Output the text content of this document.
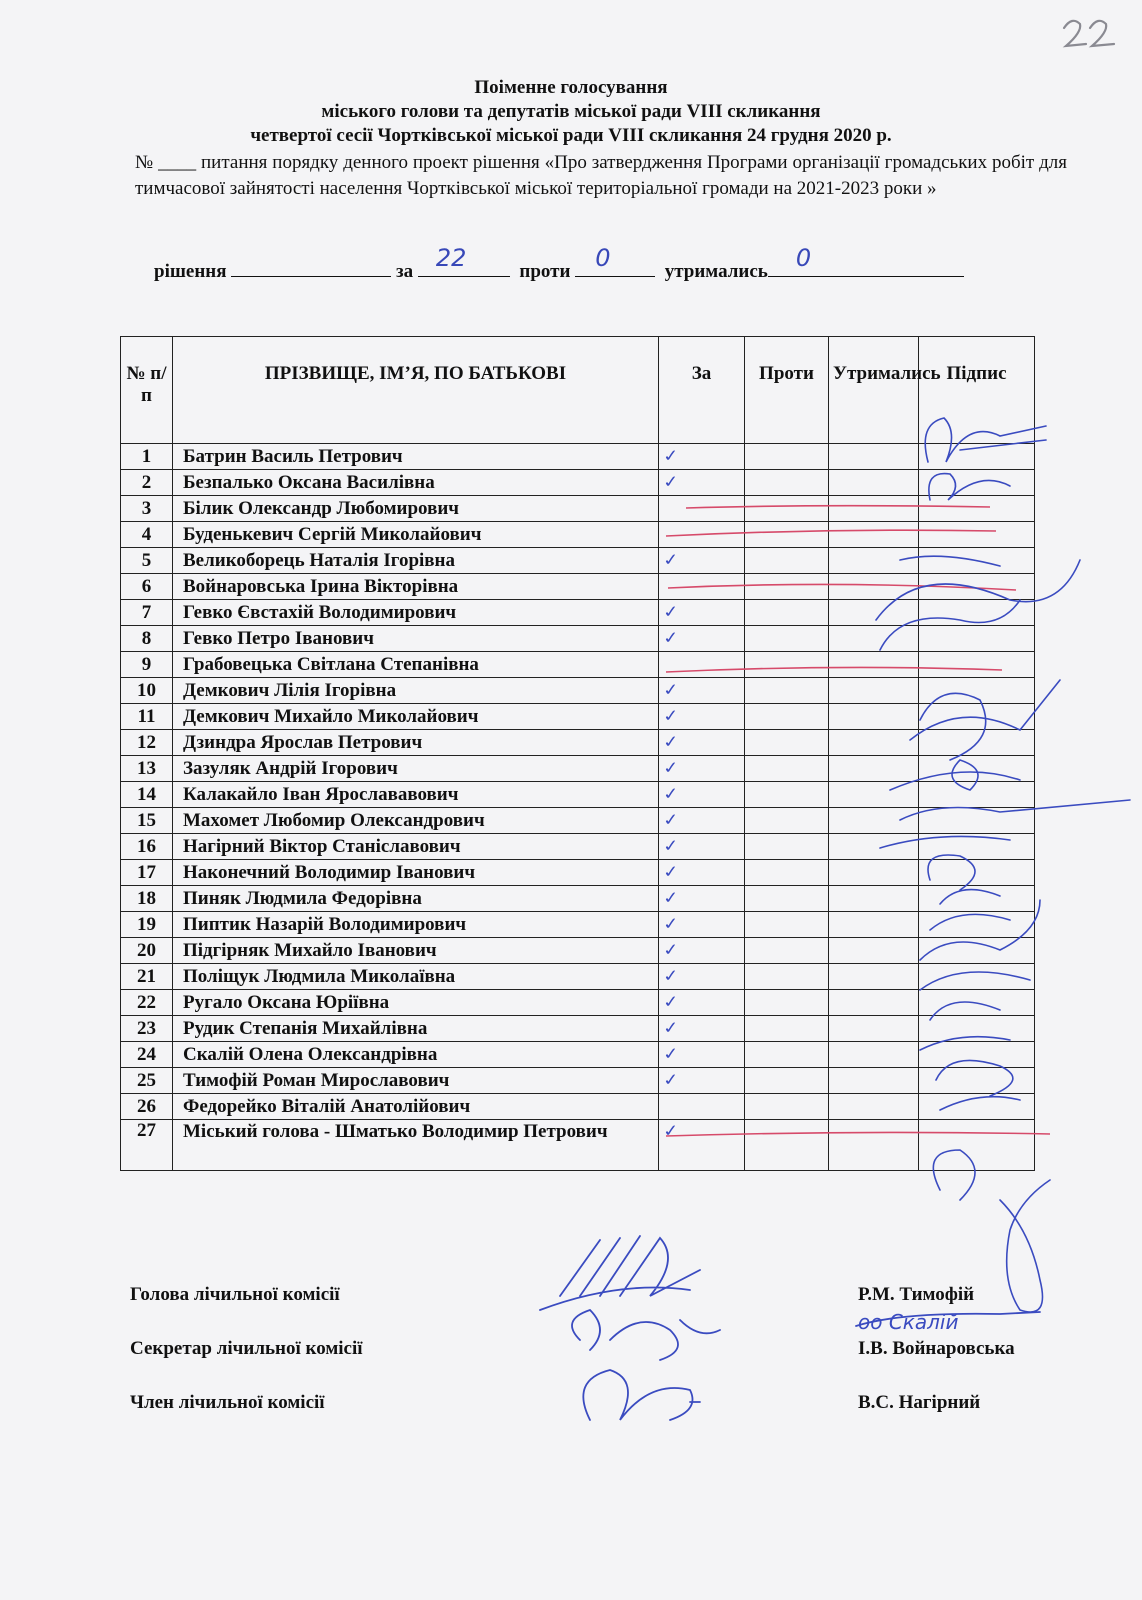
22
Поіменне голосування
міського голови та депутатів міської ради VIII скликання
четвертої сесії Чортківської міської ради VIII скликання 24 грудня 2020 р.
№ ____ питання порядку денного проект рішення «Про затвердження Програми організації громадських робіт для тимчасової зайнятості населення Чортківської міської територіальної громади на 2021-2023 роки »
рішення	за 22	проти 0	утримались 0
№ п/п	ПРІЗВИЩЕ, ІМ’Я, ПО БАТЬКОВІ	За	Проти	Утримались	Підпис
1	Батрин Василь Петрович	✓			
2	Безпалько Оксана Василівна	✓			
3	Білик Олександр Любомирович				
4	Буденькевич Сергій Миколайович				
5	Великоборець Наталія Ігорівна	✓			
6	Войнаровська Ірина Вікторівна				
7	Гевко Євстахій Володимирович	✓			
8	Гевко Петро Іванович	✓			
9	Грабовецька Світлана Степанівна				
10	Демкович Лілія Ігорівна	✓			
11	Демкович Михайло Миколайович	✓			
12	Дзиндра Ярослав Петрович	✓			
13	Зазуляк Андрій Ігорович	✓			
14	Калакайло Іван Ярослававович	✓			
15	Махомет Любомир Олександрович	✓			
16	Нагірний Віктор Станіславович	✓			
17	Наконечний Володимир Іванович	✓			
18	Пиняк Людмила Федорівна	✓			
19	Пиптик Назарій Володимирович	✓			
20	Підгірняк Михайло Іванович	✓			
21	Поліщук Людмила Миколаївна	✓			
22	Ругало Оксана Юріївна	✓			
23	Рудик Степанія Михайлівна	✓			
24	Скалій Олена Олександрівна	✓			
25	Тимофій Роман Мирославович	✓			
26	Федорейко Віталій Анатолійович				
27	Міський голова - Шматько Володимир Петрович	✓			
Голова лічильної комісії	Р.М. Тимофій
Секретар лічильної комісії	І.В. Войнаровська
оо Скалій
Член лічильної комісії	В.С. Нагірний
